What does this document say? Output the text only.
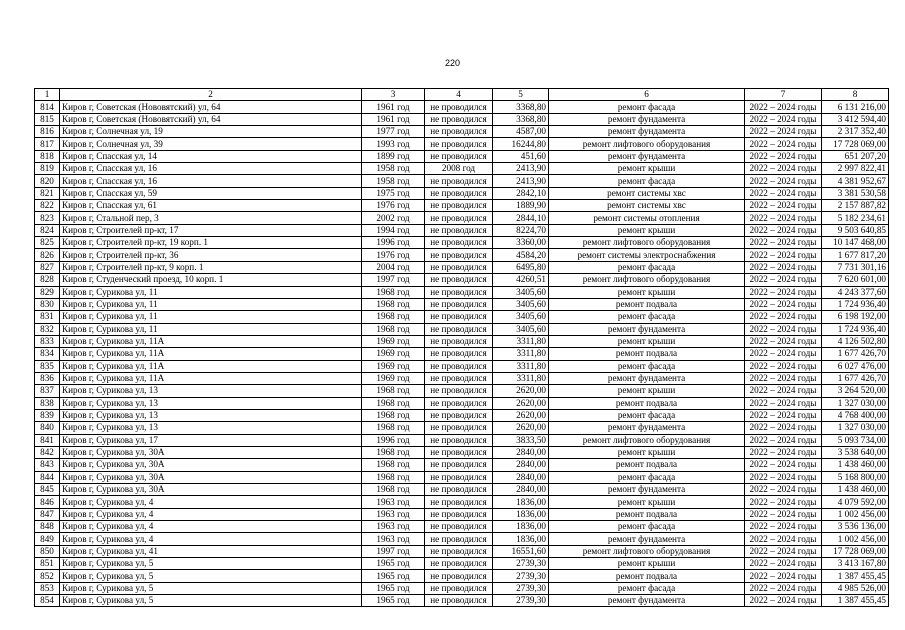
220
1	2	3	4	5	6	7	8
814	Киров г, Советская (Нововятский) ул, 64	1961 год	не проводился	3368,80	ремонт фасада	2022 – 2024 годы	6 131 216,00
815	Киров г, Советская (Нововятский) ул, 64	1961 год	не проводился	3368,80	ремонт фундамента	2022 – 2024 годы	3 412 594,40
816	Киров г, Солнечная ул, 19	1977 год	не проводился	4587,00	ремонт фундамента	2022 – 2024 годы	2 317 352,40
817	Киров г, Солнечная ул, 39	1993 год	не проводился	16244,80	ремонт лифтового оборудования	2022 – 2024 годы	17 728 069,00
818	Киров г, Спасская ул, 14	1899 год	не проводился	451,60	ремонт фундамента	2022 – 2024 годы	651 207,20
819	Киров г, Спасская ул, 16	1958 год	2008 год	2413,90	ремонт крыши	2022 – 2024 годы	2 997 822,41
820	Киров г, Спасская ул, 16	1958 год	не проводился	2413,90	ремонт фасада	2022 – 2024 годы	4 381 952,67
821	Киров г, Спасская ул, 59	1975 год	не проводился	2842,10	ремонт системы хвс	2022 – 2024 годы	3 381 530,58
822	Киров г, Спасская ул, 61	1976 год	не проводился	1889,90	ремонт системы хвс	2022 – 2024 годы	2 157 887,82
823	Киров г, Стальной пер, 3	2002 год	не проводился	2844,10	ремонт системы отопления	2022 – 2024 годы	5 182 234,61
824	Киров г, Строителей пр-кт, 17	1994 год	не проводился	8224,70	ремонт крыши	2022 – 2024 годы	9 503 640,85
825	Киров г, Строителей пр-кт, 19 корп. 1	1996 год	не проводился	3360,00	ремонт лифтового оборудования	2022 – 2024 годы	10 147 468,00
826	Киров г, Строителей пр-кт, 36	1976 год	не проводился	4584,20	ремонт системы электроснабжения	2022 – 2024 годы	1 677 817,20
827	Киров г, Строителей пр-кт, 9 корп. 1	2004 год	не проводился	6495,80	ремонт фасада	2022 – 2024 годы	7 731 301,16
828	Киров г, Студенческий проезд, 10 корп. 1	1997 год	не проводился	4260,51	ремонт лифтового оборудования	2022 – 2024 годы	7 620 601,00
829	Киров г, Сурикова ул, 11	1968 год	не проводился	3405,60	ремонт крыши	2022 – 2024 годы	4 243 377,60
830	Киров г, Сурикова ул, 11	1968 год	не проводился	3405,60	ремонт подвала	2022 – 2024 годы	1 724 936,40
831	Киров г, Сурикова ул, 11	1968 год	не проводился	3405,60	ремонт фасада	2022 – 2024 годы	6 198 192,00
832	Киров г, Сурикова ул, 11	1968 год	не проводился	3405,60	ремонт фундамента	2022 – 2024 годы	1 724 936,40
833	Киров г, Сурикова ул, 11А	1969 год	не проводился	3311,80	ремонт крыши	2022 – 2024 годы	4 126 502,80
834	Киров г, Сурикова ул, 11А	1969 год	не проводился	3311,80	ремонт подвала	2022 – 2024 годы	1 677 426,70
835	Киров г, Сурикова ул, 11А	1969 год	не проводился	3311,80	ремонт фасада	2022 – 2024 годы	6 027 476,00
836	Киров г, Сурикова ул, 11А	1969 год	не проводился	3311,80	ремонт фундамента	2022 – 2024 годы	1 677 426,70
837	Киров г, Сурикова ул, 13	1968 год	не проводился	2620,00	ремонт крыши	2022 – 2024 годы	3 264 520,00
838	Киров г, Сурикова ул, 13	1968 год	не проводился	2620,00	ремонт подвала	2022 – 2024 годы	1 327 030,00
839	Киров г, Сурикова ул, 13	1968 год	не проводился	2620,00	ремонт фасада	2022 – 2024 годы	4 768 400,00
840	Киров г, Сурикова ул, 13	1968 год	не проводился	2620,00	ремонт фундамента	2022 – 2024 годы	1 327 030,00
841	Киров г, Сурикова ул, 17	1996 год	не проводился	3833,50	ремонт лифтового оборудования	2022 – 2024 годы	5 093 734,00
842	Киров г, Сурикова ул, 30А	1968 год	не проводился	2840,00	ремонт крыши	2022 – 2024 годы	3 538 640,00
843	Киров г, Сурикова ул, 30А	1968 год	не проводился	2840,00	ремонт подвала	2022 – 2024 годы	1 438 460,00
844	Киров г, Сурикова ул, 30А	1968 год	не проводился	2840,00	ремонт фасада	2022 – 2024 годы	5 168 800,00
845	Киров г, Сурикова ул, 30А	1968 год	не проводился	2840,00	ремонт фундамента	2022 – 2024 годы	1 438 460,00
846	Киров г, Сурикова ул, 4	1963 год	не проводился	1836,00	ремонт крыши	2022 – 2024 годы	4 079 592,00
847	Киров г, Сурикова ул, 4	1963 год	не проводился	1836,00	ремонт подвала	2022 – 2024 годы	1 002 456,00
848	Киров г, Сурикова ул, 4	1963 год	не проводился	1836,00	ремонт фасада	2022 – 2024 годы	3 536 136,00
849	Киров г, Сурикова ул, 4	1963 год	не проводился	1836,00	ремонт фундамента	2022 – 2024 годы	1 002 456,00
850	Киров г, Сурикова ул, 41	1997 год	не проводился	16551,60	ремонт лифтового оборудования	2022 – 2024 годы	17 728 069,00
851	Киров г, Сурикова ул, 5	1965 год	не проводился	2739,30	ремонт крыши	2022 – 2024 годы	3 413 167,80
852	Киров г, Сурикова ул, 5	1965 год	не проводился	2739,30	ремонт подвала	2022 – 2024 годы	1 387 455,45
853	Киров г, Сурикова ул, 5	1965 год	не проводился	2739,30	ремонт фасада	2022 – 2024 годы	4 985 526,00
854	Киров г, Сурикова ул, 5	1965 год	не проводился	2739,30	ремонт фундамента	2022 – 2024 годы	1 387 455,45
